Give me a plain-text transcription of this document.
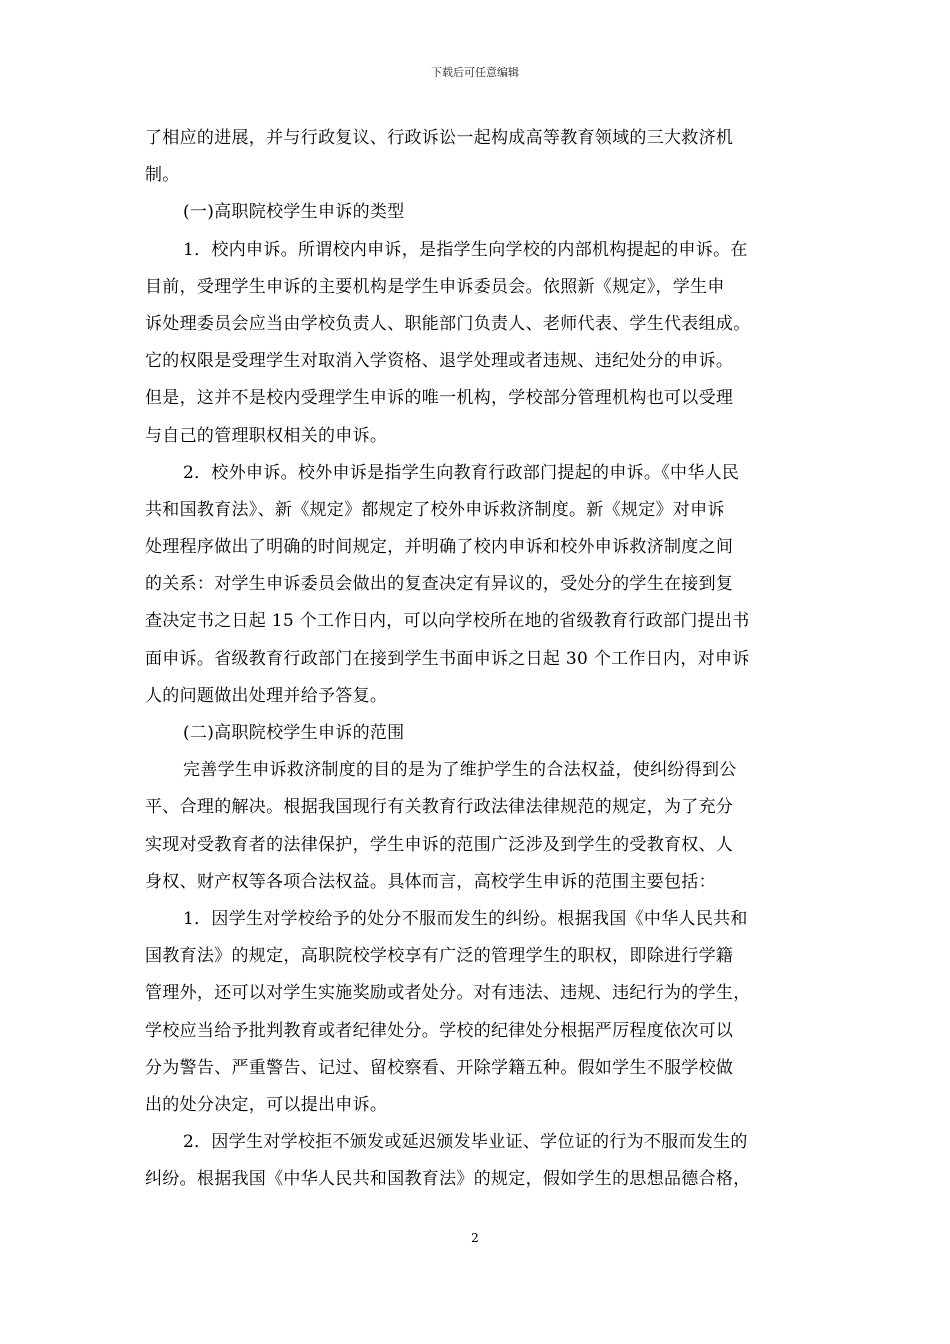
下载后可任意编辑
了相应的进展，并与行政复议、行政诉讼一起构成高等教育领域的三大救济机
制。
(一)高职院校学生申诉的类型
1．校内申诉。所谓校内申诉，是指学生向学校的内部机构提起的申诉。在
目前，受理学生申诉的主要机构是学生申诉委员会。依照新《规定》，学生申
诉处理委员会应当由学校负责人、职能部门负责人、老师代表、学生代表组成。
它的权限是受理学生对取消入学资格、退学处理或者违规、违纪处分的申诉。
但是，这并不是校内受理学生申诉的唯一机构，学校部分管理机构也可以受理
与自己的管理职权相关的申诉。
2．校外申诉。校外申诉是指学生向教育行政部门提起的申诉。《中华人民
共和国教育法》、新《规定》都规定了校外申诉救济制度。新《规定》对申诉
处理程序做出了明确的时间规定，并明确了校内申诉和校外申诉救济制度之间
的关系：对学生申诉委员会做出的复查决定有异议的，受处分的学生在接到复
查决定书之日起 15 个工作日内，可以向学校所在地的省级教育行政部门提出书
面申诉。省级教育行政部门在接到学生书面申诉之日起 30 个工作日内，对申诉
人的问题做出处理并给予答复。
(二)高职院校学生申诉的范围
完善学生申诉救济制度的目的是为了维护学生的合法权益，使纠纷得到公
平、合理的解决。根据我国现行有关教育行政法律法律规范的规定，为了充分
实现对受教育者的法律保护，学生申诉的范围广泛涉及到学生的受教育权、人
身权、财产权等各项合法权益。具体而言，高校学生申诉的范围主要包括：
1．因学生对学校给予的处分不服而发生的纠纷。根据我国《中华人民共和
国教育法》的规定，高职院校学校享有广泛的管理学生的职权，即除进行学籍
管理外，还可以对学生实施奖励或者处分。对有违法、违规、违纪行为的学生，
学校应当给予批判教育或者纪律处分。学校的纪律处分根据严厉程度依次可以
分为警告、严重警告、记过、留校察看、开除学籍五种。假如学生不服学校做
出的处分决定，可以提出申诉。
2．因学生对学校拒不颁发或延迟颁发毕业证、学位证的行为不服而发生的
纠纷。根据我国《中华人民共和国教育法》的规定，假如学生的思想品德合格，
2
